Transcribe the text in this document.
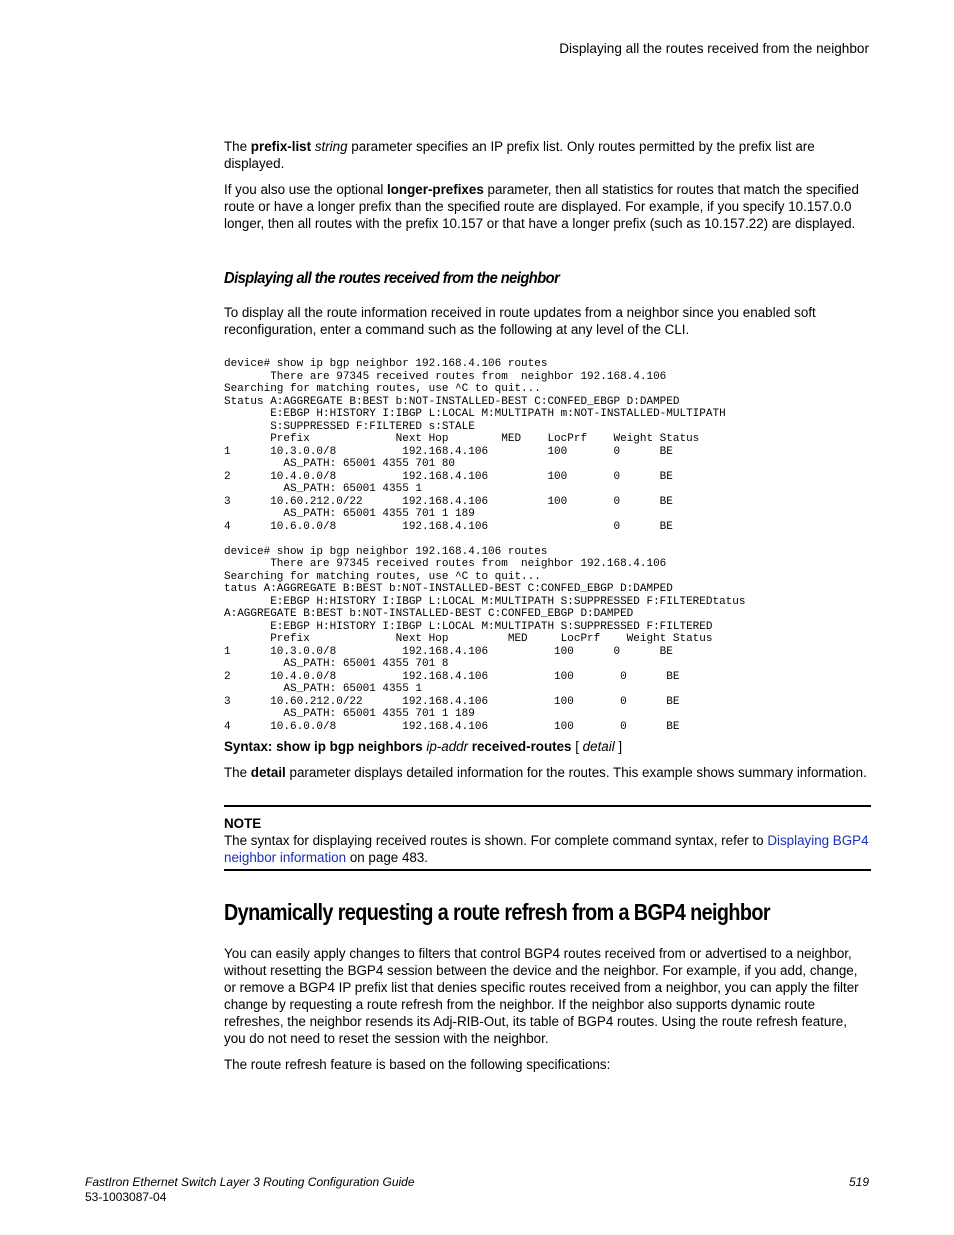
Displaying all the routes received from the neighbor

The prefix-list string parameter specifies an IP prefix list. Only routes permitted by the prefix list are displayed.

If you also use the optional longer-prefixes parameter, then all statistics for routes that match the specified route or have a longer prefix than the specified route are displayed. For example, if you specify 10.157.0.0 longer, then all routes with the prefix 10.157 or that have a longer prefix (such as 10.157.22) are displayed.

Displaying all the routes received from the neighbor

To display all the route information received in route updates from a neighbor since you enabled soft reconfiguration, enter a command such as the following at any level of the CLI.

device# show ip bgp neighbor 192.168.4.106 routes
There are 97345 received routes from  neighbor 192.168.4.106
Searching for matching routes, use ^C to quit...
Status A:AGGREGATE B:BEST b:NOT-INSTALLED-BEST C:CONFED_EBGP D:DAMPED
E:EBGP H:HISTORY I:IBGP L:LOCAL M:MULTIPATH m:NOT-INSTALLED-MULTIPATH
S:SUPPRESSED F:FILTERED s:STALE
Prefix             Next Hop        MED    LocPrf    Weight Status
1      10.3.0.0/8          192.168.4.106         100       0      BE
AS_PATH: 65001 4355 701 80
2      10.4.0.0/8          192.168.4.106         100       0      BE
AS_PATH: 65001 4355 1
3      10.60.212.0/22      192.168.4.106         100       0      BE
AS_PATH: 65001 4355 701 1 189
4      10.6.0.0/8          192.168.4.106                   0      BE
device# show ip bgp neighbor 192.168.4.106 routes
There are 97345 received routes from  neighbor 192.168.4.106
Searching for matching routes, use ^C to quit...
tatus A:AGGREGATE B:BEST b:NOT-INSTALLED-BEST C:CONFED_EBGP D:DAMPED
E:EBGP H:HISTORY I:IBGP L:LOCAL M:MULTIPATH S:SUPPRESSED F:FILTEREDtatus
A:AGGREGATE B:BEST b:NOT-INSTALLED-BEST C:CONFED_EBGP D:DAMPED
E:EBGP H:HISTORY I:IBGP L:LOCAL M:MULTIPATH S:SUPPRESSED F:FILTERED
Prefix             Next Hop         MED     LocPrf    Weight Status
1      10.3.0.0/8          192.168.4.106          100      0      BE
AS_PATH: 65001 4355 701 8
2      10.4.0.0/8          192.168.4.106          100       0      BE
AS_PATH: 65001 4355 1
3      10.60.212.0/22      192.168.4.106          100       0      BE
AS_PATH: 65001 4355 701 1 189
4      10.6.0.0/8          192.168.4.106          100       0      BE
Syntax: show ip bgp neighbors ip-addr received-routes [ detail ]

The detail parameter displays detailed information for the routes. This example shows summary information.

NOTE

The syntax for displaying received routes is shown. For complete command syntax, refer to Displaying BGP4 neighbor information on page 483.

Dynamically requesting a route refresh from a BGP4 neighbor

You can easily apply changes to filters that control BGP4 routes received from or advertised to a neighbor, without resetting the BGP4 session between the device and the neighbor. For example, if you add, change, or remove a BGP4 IP prefix list that denies specific routes received from a neighbor, you can apply the filter change by requesting a route refresh from the neighbor. If the neighbor also supports dynamic route refreshes, the neighbor resends its Adj-RIB-Out, its table of BGP4 routes. Using the route refresh feature, you do not need to reset the session with the neighbor.

The route refresh feature is based on the following specifications:

FastIron Ethernet Switch Layer 3 Routing Configuration Guide
53-1003087-04
519
